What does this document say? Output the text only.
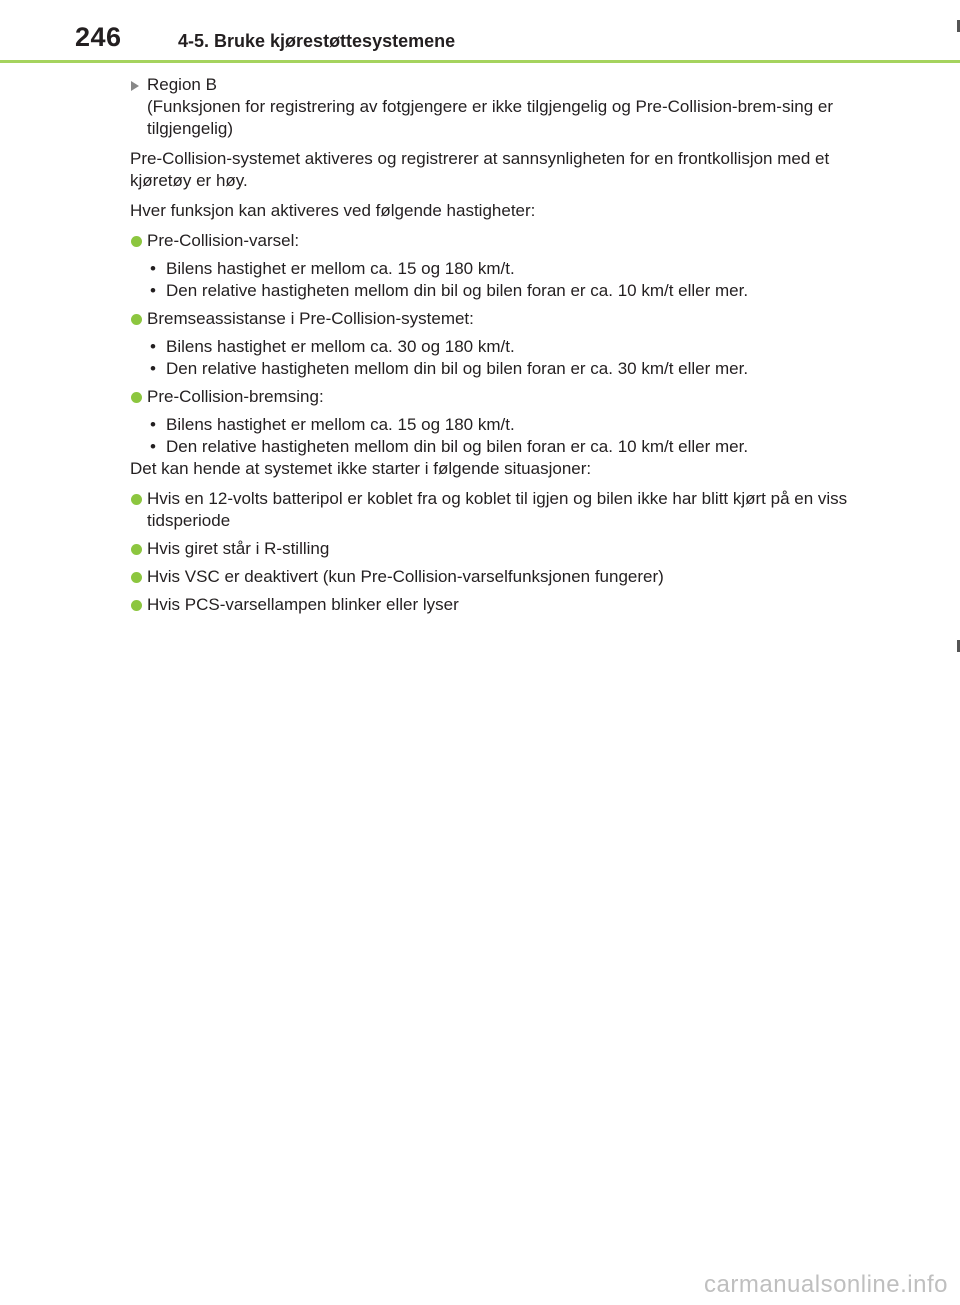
246	4-5. Bruke kjørestøttesystemene
Region B
(Funksjonen for registrering av fotgjengere er ikke tilgjengelig og Pre-Collision-brem-sing er tilgjengelig)

Pre-Collision-systemet aktiveres og registrerer at sannsynligheten for en frontkollisjon med et kjøretøy er høy.

Hver funksjon kan aktiveres ved følgende hastigheter:

Pre-Collision-varsel:
• Bilens hastighet er mellom ca. 15 og 180 km/t.
• Den relative hastigheten mellom din bil og bilen foran er ca. 10 km/t eller mer.
Bremseassistanse i Pre-Collision-systemet:
• Bilens hastighet er mellom ca. 30 og 180 km/t.
• Den relative hastigheten mellom din bil og bilen foran er ca. 30 km/t eller mer.
Pre-Collision-bremsing:
• Bilens hastighet er mellom ca. 15 og 180 km/t.
• Den relative hastigheten mellom din bil og bilen foran er ca. 10 km/t eller mer.

Det kan hende at systemet ikke starter i følgende situasjoner:

Hvis en 12-volts batteripol er koblet fra og koblet til igjen og bilen ikke har blitt kjørt på en viss tidsperiode
Hvis giret står i R-stilling
Hvis VSC er deaktivert (kun Pre-Collision-varselfunksjonen fungerer)
Hvis PCS-varsellampen blinker eller lyser
carmanualsonline.info
